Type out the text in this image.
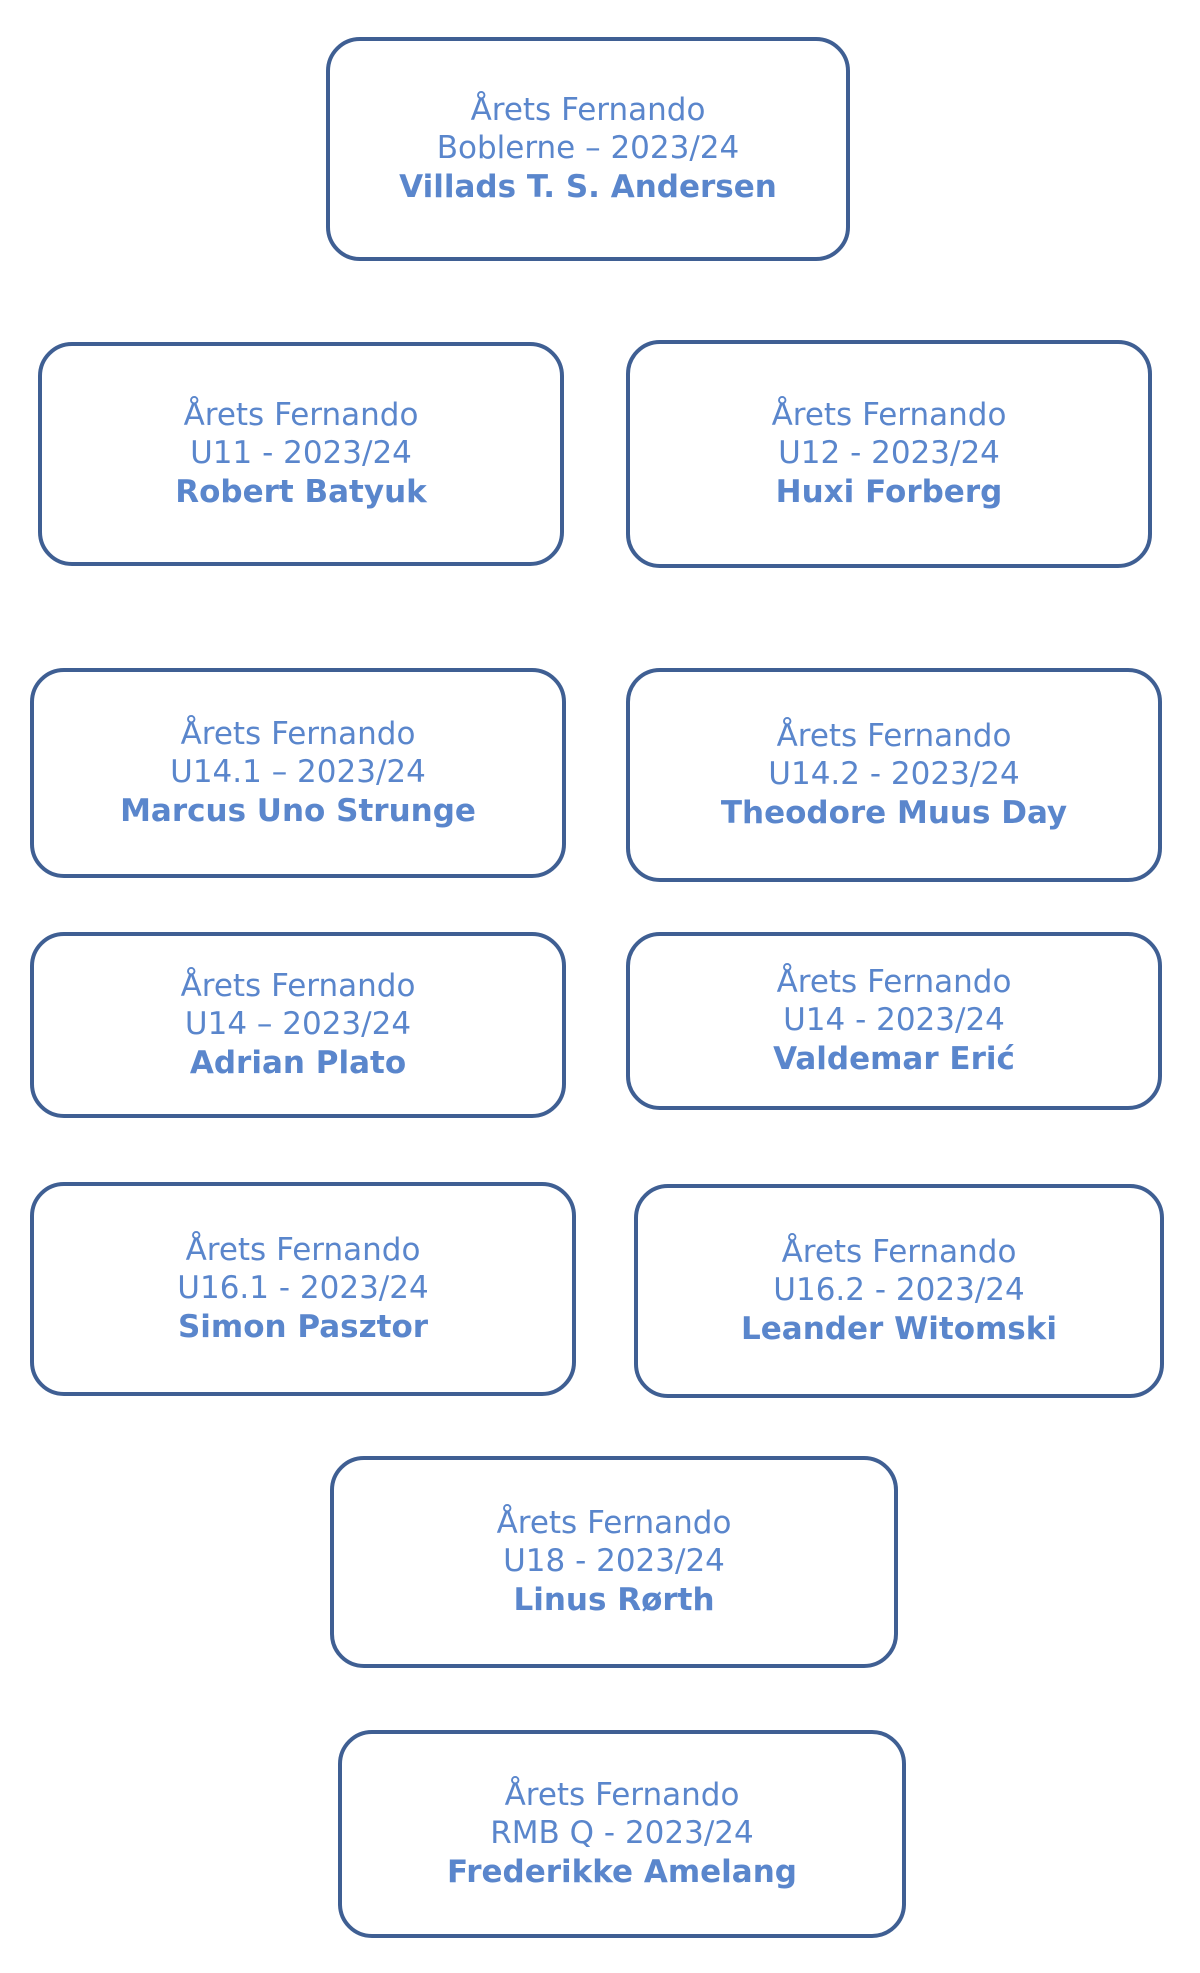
Årets Fernando
Boblerne – 2023/24
Villads T. S. Andersen
Årets Fernando
U11 - 2023/24
Robert Batyuk
Årets Fernando
U12 - 2023/24
Huxi Forberg
Årets Fernando
U14.1 – 2023/24
Marcus Uno Strunge
Årets Fernando
U14.2 - 2023/24
Theodore Muus Day
Årets Fernando
U14 – 2023/24
Adrian Plato
Årets Fernando
U14 - 2023/24
Valdemar Erić
Årets Fernando
U16.1 - 2023/24
Simon Pasztor
Årets Fernando
U16.2 - 2023/24
Leander Witomski
Årets Fernando
U18 - 2023/24
Linus Rørth
Årets Fernando
RMB Q - 2023/24
Frederikke Amelang
